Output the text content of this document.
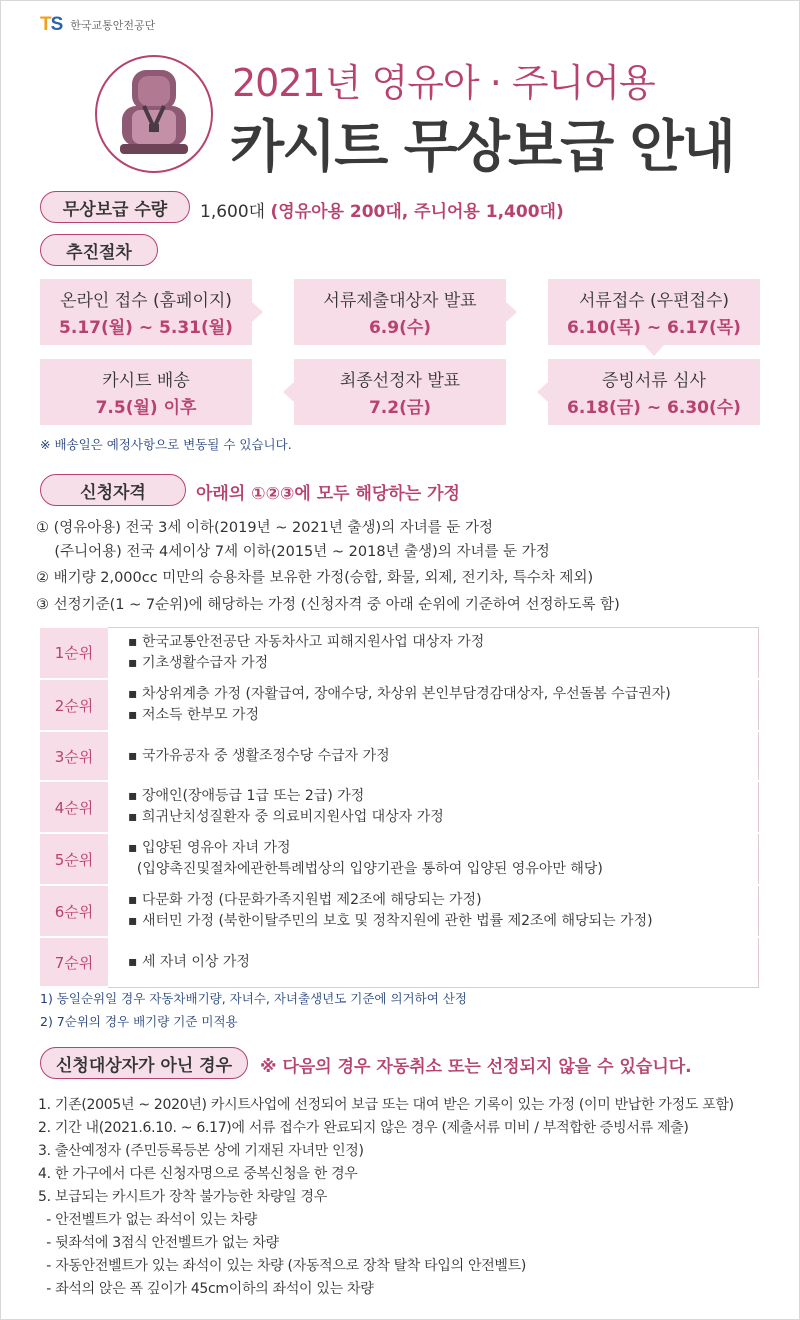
TS 한국교통안전공단
2021년 영유아 · 주니어용
카시트 무상보급 안내
무상보급 수량	1,600대 (영유아용 200대, 주니어용 1,400대)
추진절차
온라인 접수 (홈페이지)
5.17(월) ~ 5.31(월)
서류제출대상자 발표
6.9(수)
서류접수 (우편접수)
6.10(목) ~ 6.17(목)
증빙서류 심사
6.18(금) ~ 6.30(수)
최종선정자 발표
7.2(금)
카시트 배송
7.5(월) 이후
※ 배송일은 예정사항으로 변동될 수 있습니다.
신청자격	아래의 ①②③에 모두 해당하는 가정
① (영유아용) 전국 3세 이하(2019년 ~ 2021년 출생)의 자녀를 둔 가정
(주니어용) 전국 4세이상 7세 이하(2015년 ~ 2018년 출생)의 자녀를 둔 가정
② 배기량 2,000cc 미만의 승용차를 보유한 가정(승합, 화물, 외제, 전기차, 특수차 제외)
③ 선정기준(1 ~ 7순위)에 해당하는 가정 (신청자격 중 아래 순위에 기준하여 선정하도록 함)
1순위	▪ 한국교통안전공단 자동차사고 피해지원사업 대상자 가정
▪ 기초생활수급자 가정

2순위	▪ 차상위계층 가정 (자활급여, 장애수당, 차상위 본인부담경감대상자, 우선돌봄 수급권자)
▪ 저소득 한부모 가정

3순위	▪ 국가유공자 중 생활조정수당 수급자 가정

4순위	▪ 장애인(장애등급 1급 또는 2급) 가정
▪ 희귀난치성질환자 중 의료비지원사업 대상자 가정

5순위	▪ 입양된 영유아 자녀 가정
(입양촉진및절차에관한특례법상의 입양기관을 통하여 입양된 영유아만 해당)

6순위	▪ 다문화 가정 (다문화가족지원법 제2조에 해당되는 가정)
▪ 새터민 가정 (북한이탈주민의 보호 및 정착지원에 관한 법률 제2조에 해당되는 가정)

7순위	▪ 세 자녀 이상 가정
1) 동일순위일 경우 자동차배기량, 자녀수, 자녀출생년도 기준에 의거하여 산정
2) 7순위의 경우 배기량 기준 미적용
신청대상자가 아닌 경우	※ 다음의 경우 자동취소 또는 선정되지 않을 수 있습니다.
1. 기존(2005년 ~ 2020년) 카시트사업에 선정되어 보급 또는 대여 받은 기록이 있는 가정 (이미 반납한 가정도 포함)
2. 기간 내(2021.6.10. ~ 6.17)에 서류 접수가 완료되지 않은 경우 (제출서류 미비 / 부적합한 증빙서류 제출)
3. 출산예정자 (주민등록등본 상에 기재된 자녀만 인정)
4. 한 가구에서 다른 신청자명으로 중복신청을 한 경우
5. 보급되는 카시트가 장착 불가능한 차량일 경우
- 안전벨트가 없는 좌석이 있는 차량
- 뒷좌석에 3점식 안전벨트가 없는 차량
- 자동안전벨트가 있는 좌석이 있는 차량 (자동적으로 장착 탈착 타입의 안전벨트)
- 좌석의 앉은 폭 깊이가 45cm이하의 좌석이 있는 차량
